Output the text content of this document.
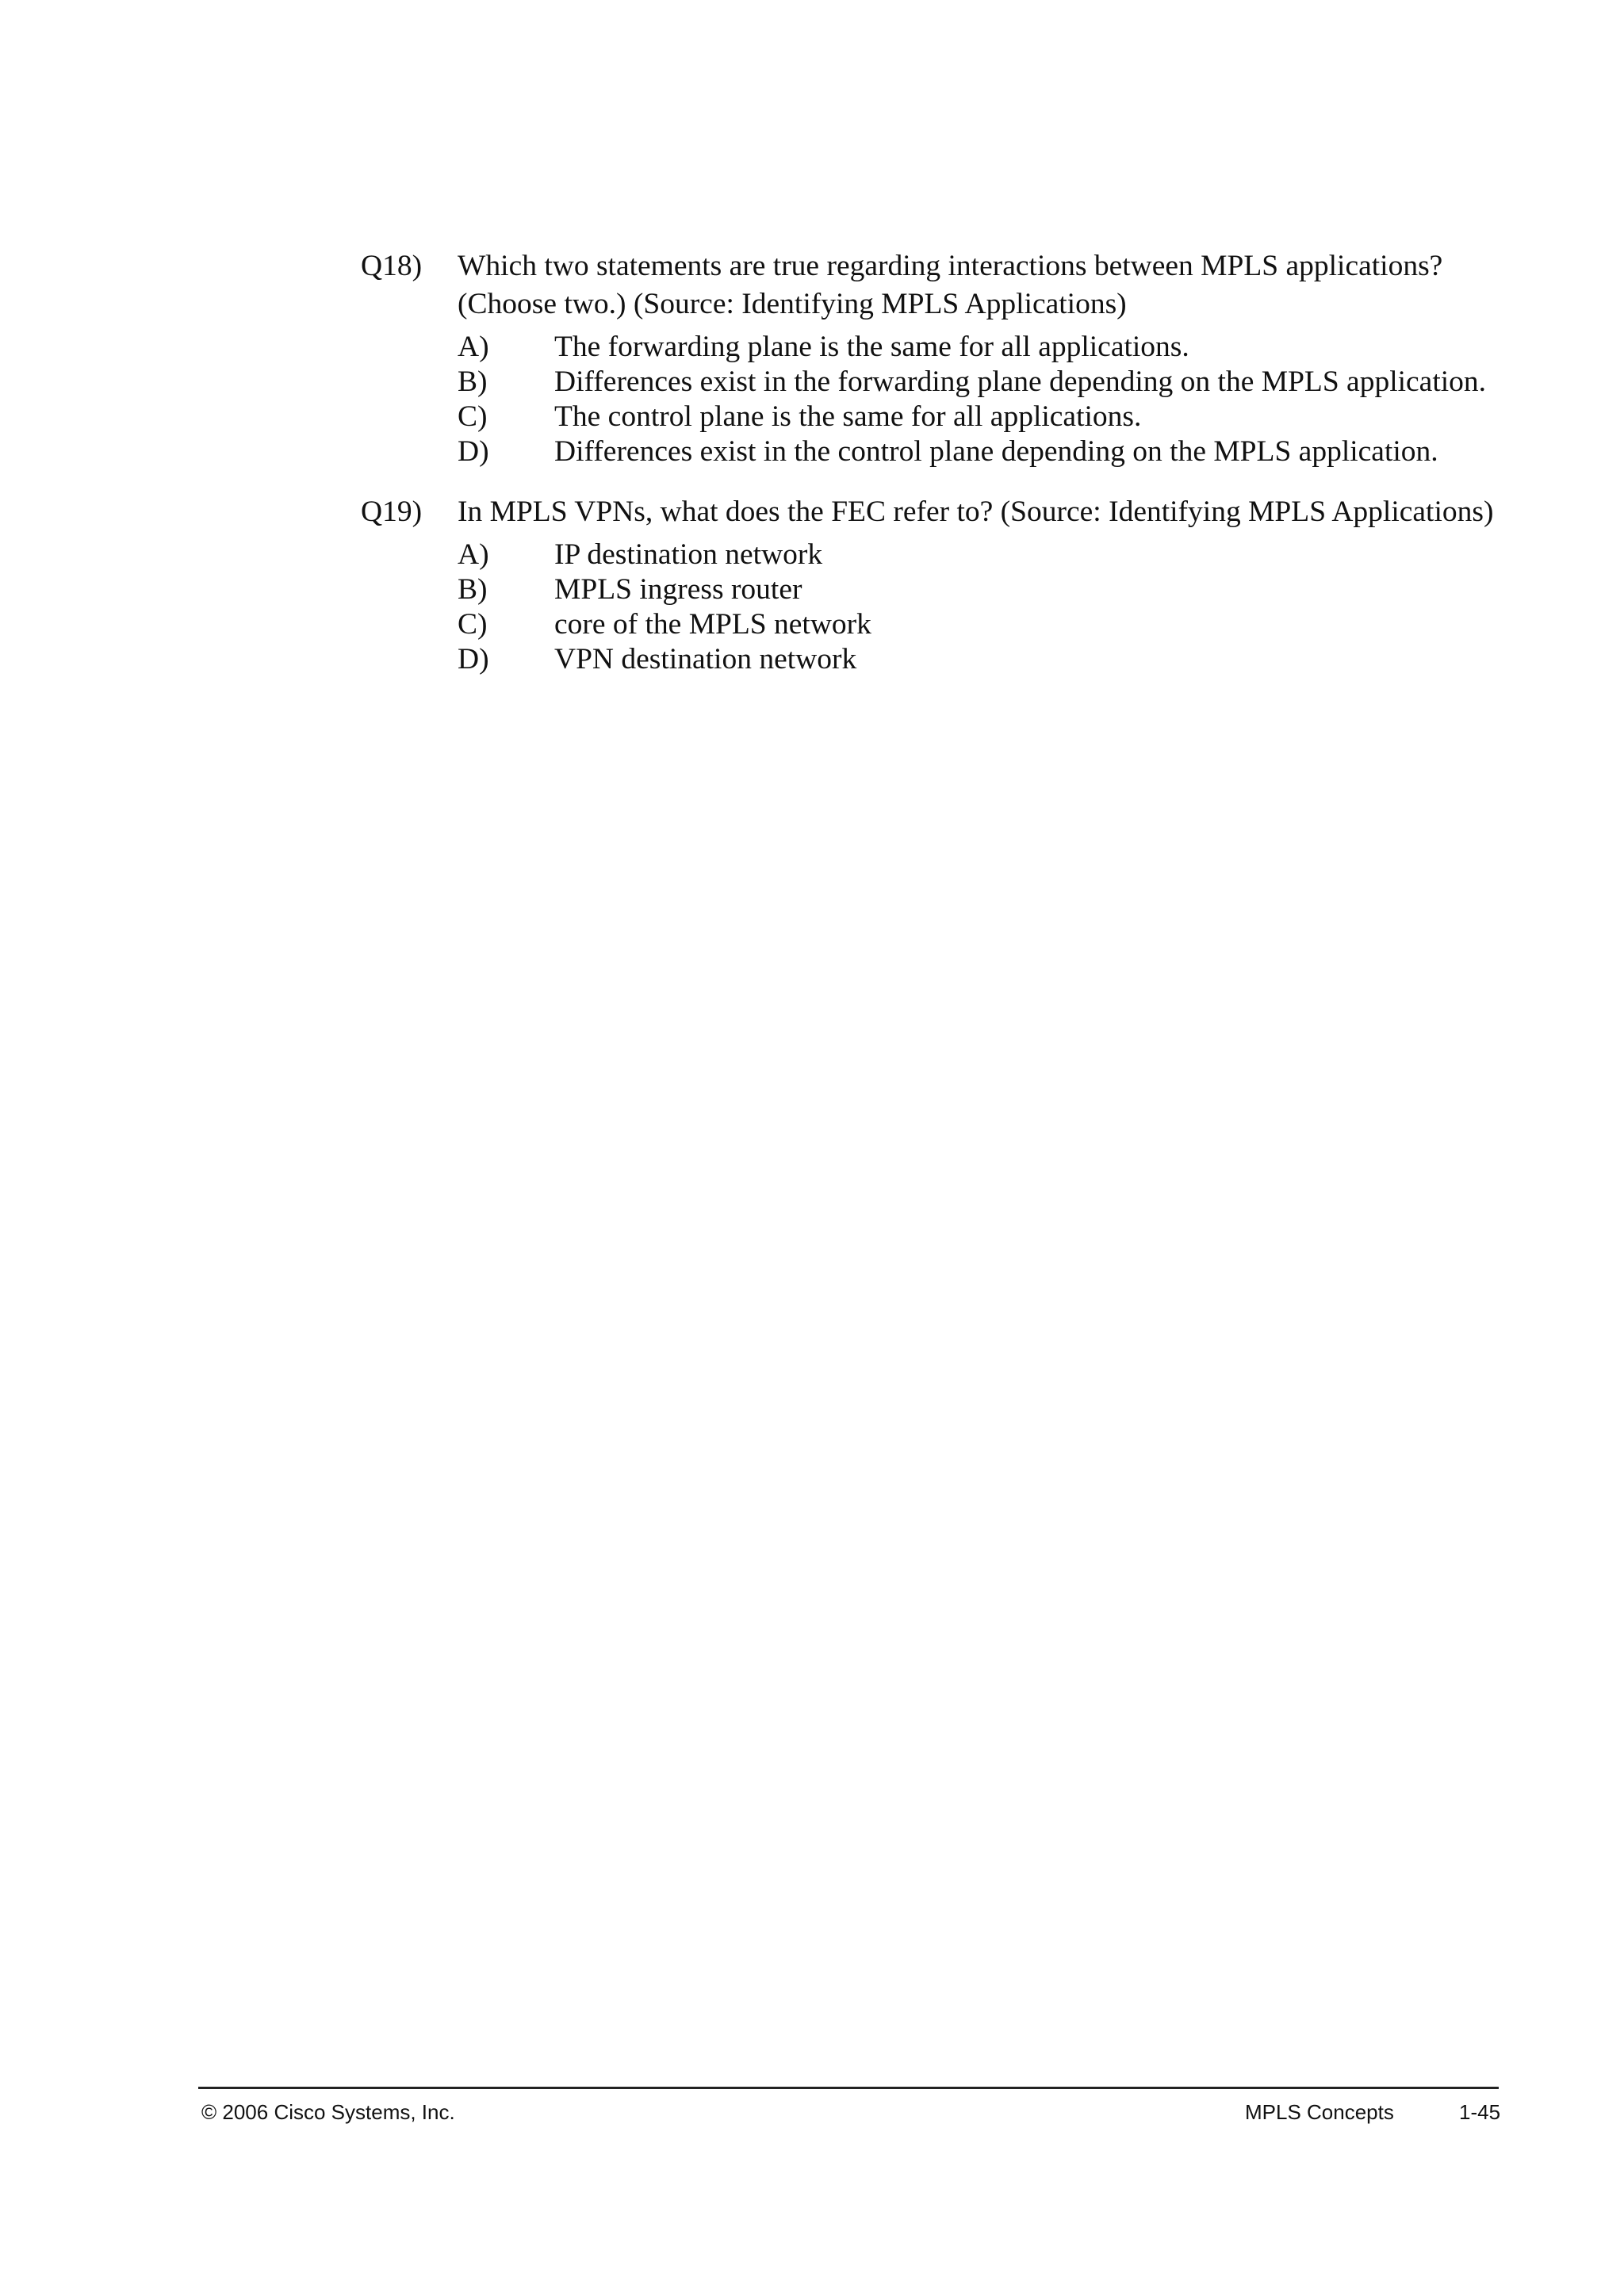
Q18)	Which two statements are true regarding interactions between MPLS applications?
(Choose two.) (Source: Identifying MPLS Applications)
A)	The forwarding plane is the same for all applications.
B)	Differences exist in the forwarding plane depending on the MPLS application.
C)	The control plane is the same for all applications.
D)	Differences exist in the control plane depending on the MPLS application.
Q19)	In MPLS VPNs, what does the FEC refer to? (Source: Identifying MPLS Applications)
A)	IP destination network
B)	MPLS ingress router
C)	core of the MPLS network
D)	VPN destination network
© 2006 Cisco Systems, Inc.	MPLS Concepts	1-45
